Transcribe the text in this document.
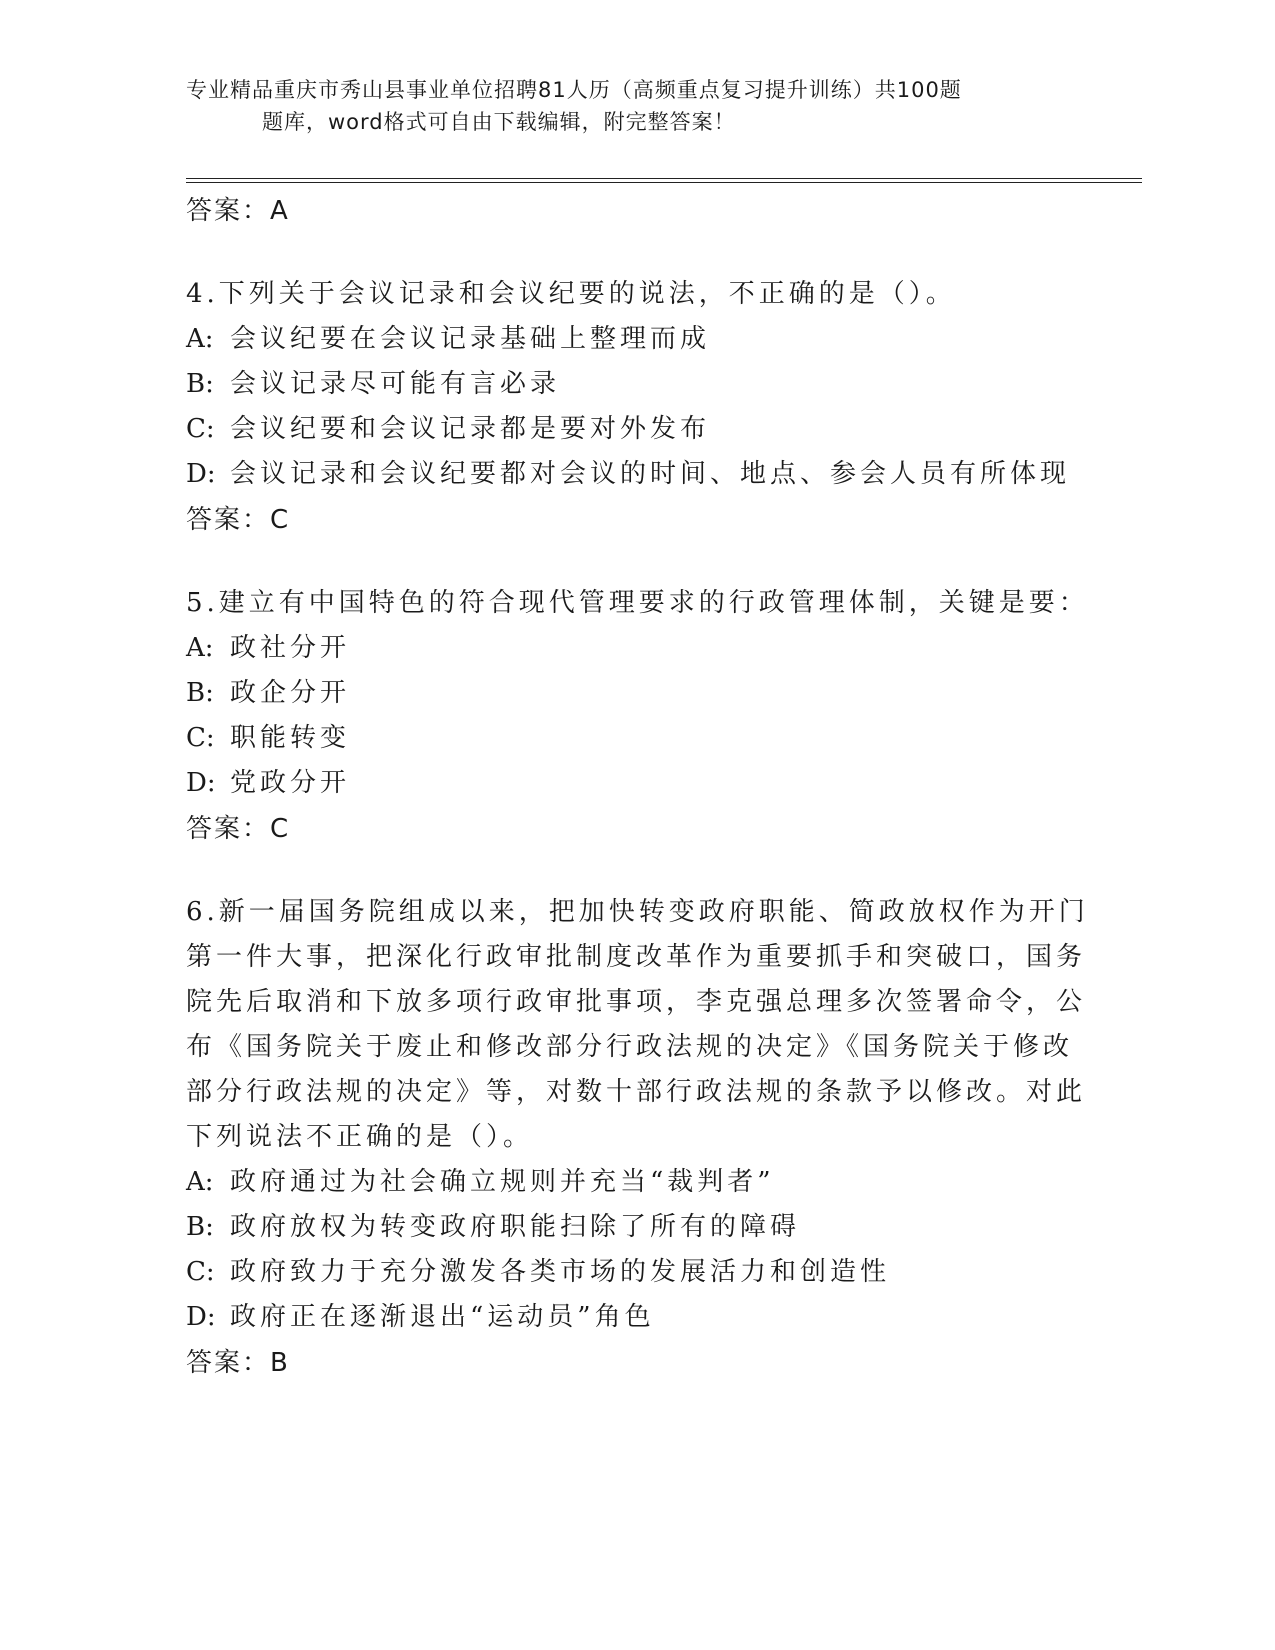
专业精品重庆市秀山县事业单位招聘81人历（高频重点复习提升训练）共100题
题库，word格式可自由下载编辑，附完整答案！
答案：A
4.下列关于会议记录和会议纪要的说法，不正确的是（）。
A: 会议纪要在会议记录基础上整理而成
B: 会议记录尽可能有言必录
C: 会议纪要和会议记录都是要对外发布
D: 会议记录和会议纪要都对会议的时间、地点、参会人员有所体现
答案：C
5.建立有中国特色的符合现代管理要求的行政管理体制，关键是要：
A: 政社分开
B: 政企分开
C: 职能转变
D: 党政分开
答案：C
6.新一届国务院组成以来，把加快转变政府职能、简政放权作为开门
第一件大事，把深化行政审批制度改革作为重要抓手和突破口，国务
院先后取消和下放多项行政审批事项，李克强总理多次签署命令，公
布《国务院关于废止和修改部分行政法规的决定》《国务院关于修改
部分行政法规的决定》等，对数十部行政法规的条款予以修改。对此
下列说法不正确的是（）。
A: 政府通过为社会确立规则并充当“裁判者”
B: 政府放权为转变政府职能扫除了所有的障碍
C: 政府致力于充分激发各类市场的发展活力和创造性
D: 政府正在逐渐退出“运动员”角色
答案：B
